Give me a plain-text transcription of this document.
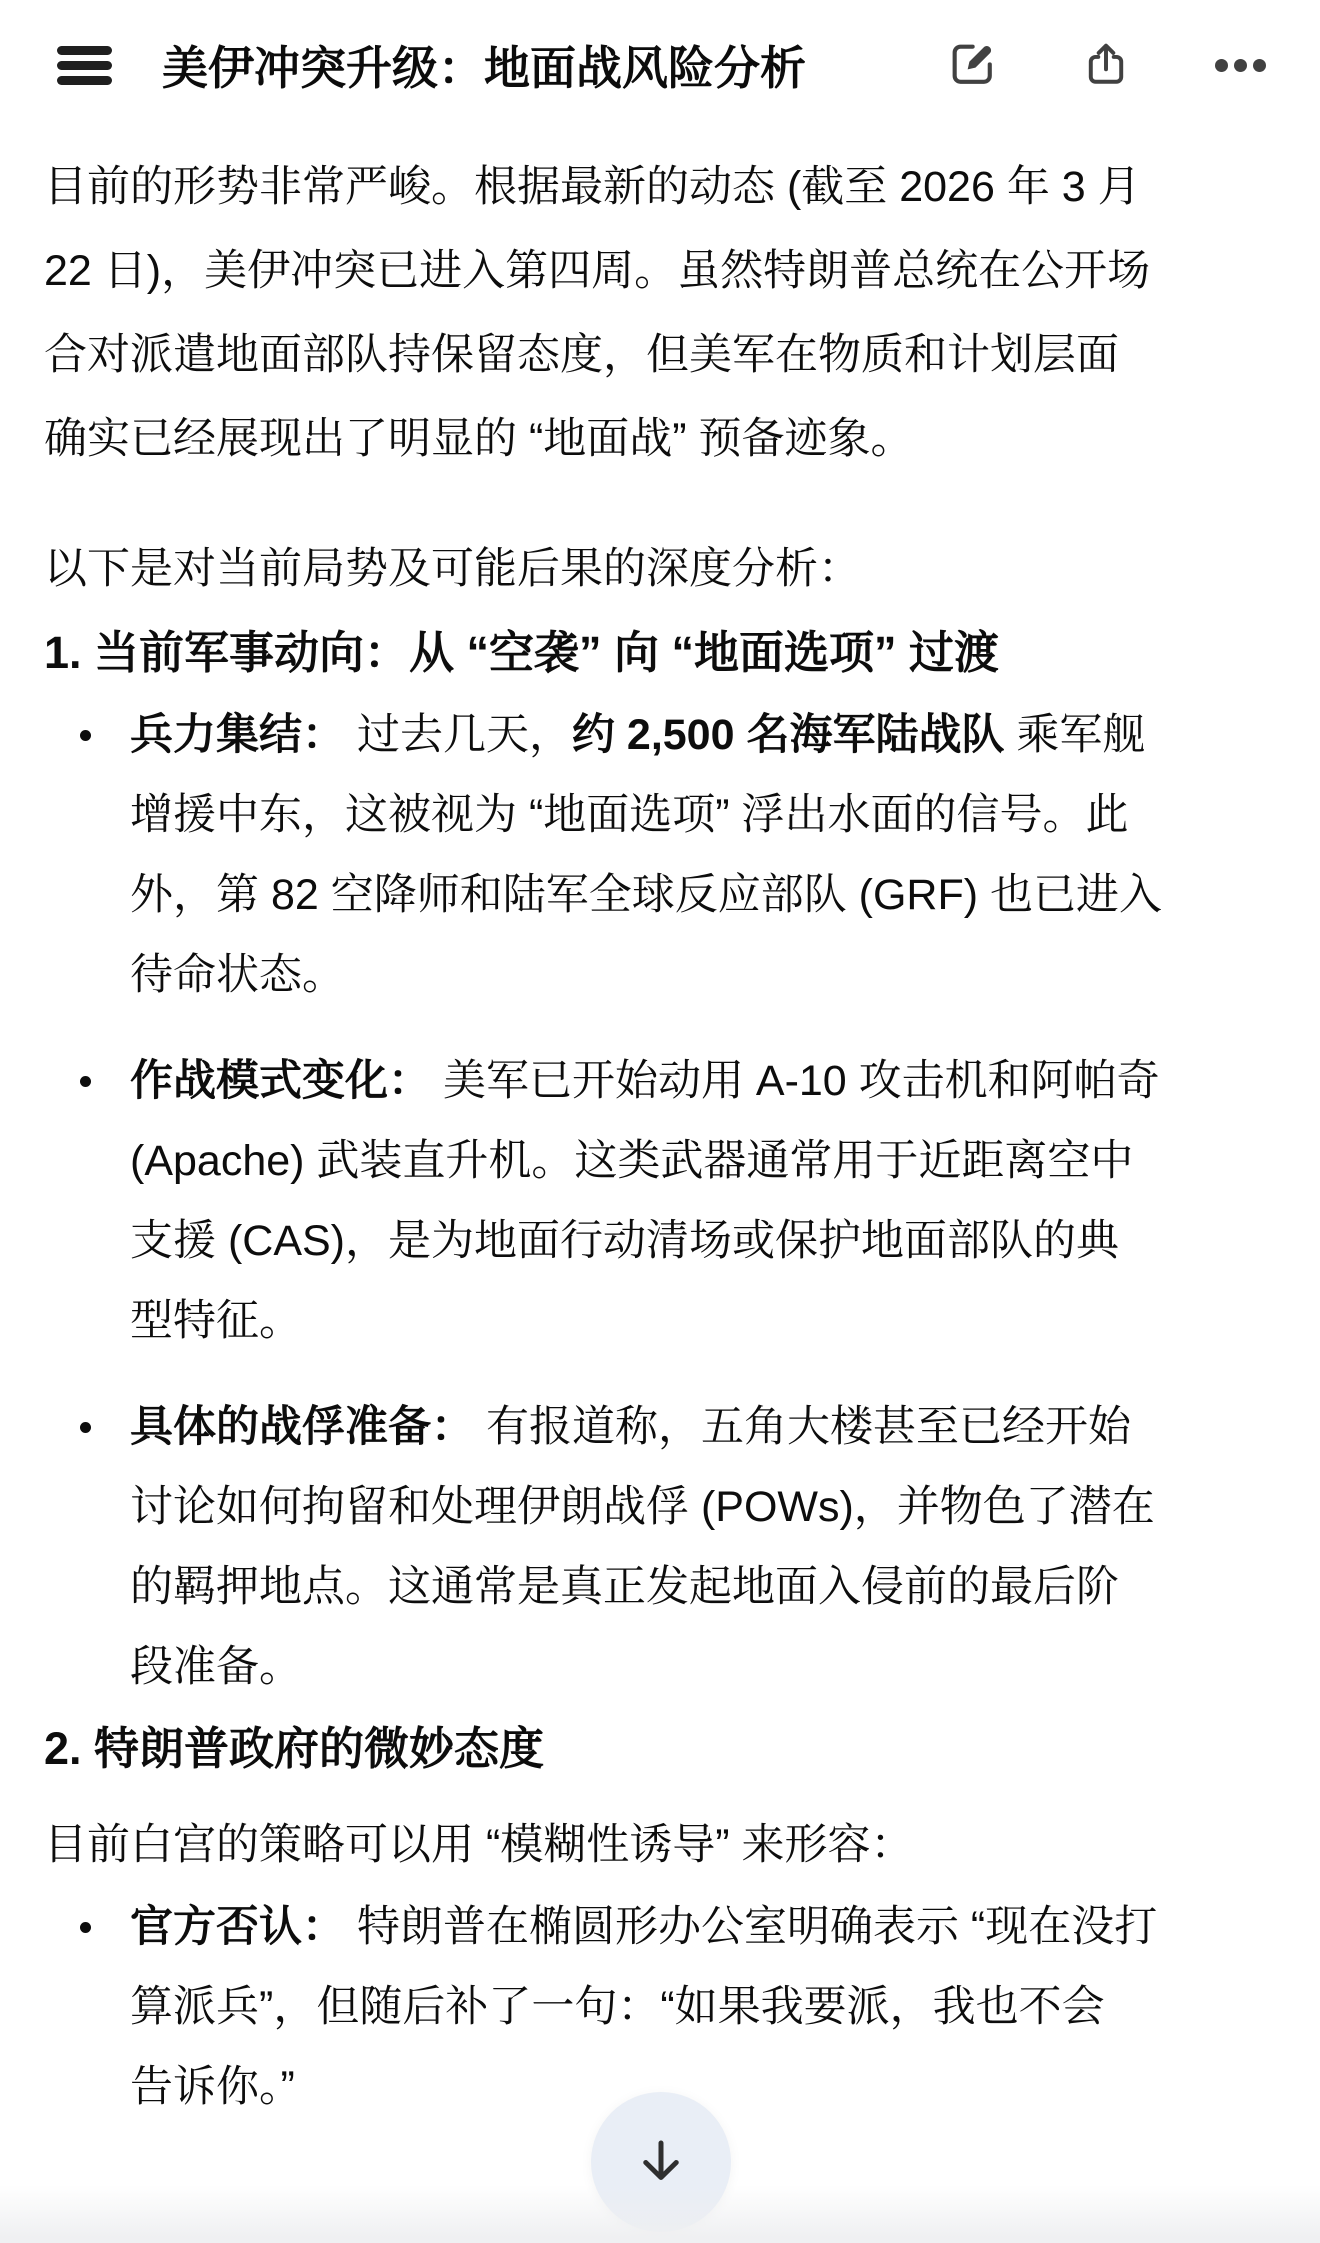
美伊冲突升级：地面战风险分析
目前的形势非常严峻。根据最新的动态 (截至 2026 年 3 月
22 日)，美伊冲突已进入第四周。虽然特朗普总统在公开场
合对派遣地面部队持保留态度，但美军在物质和计划层面
确实已经展现出了明显的 “地面战” 预备迹象。
以下是对当前局势及可能后果的深度分析：
1. 当前军事动向：从 “空袭” 向 “地面选项” 过渡
兵力集结： 过去几天，约 2,500 名海军陆战队 乘军舰
增援中东，这被视为 “地面选项” 浮出水面的信号。此
外，第 82 空降师和陆军全球反应部队 (GRF) 也已进入
待命状态。
作战模式变化： 美军已开始动用 A-10 攻击机和阿帕奇
(Apache) 武装直升机。这类武器通常用于近距离空中
支援 (CAS)，是为地面行动清场或保护地面部队的典
型特征。
具体的战俘准备： 有报道称，五角大楼甚至已经开始
讨论如何拘留和处理伊朗战俘 (POWs)，并物色了潜在
的羁押地点。这通常是真正发起地面入侵前的最后阶
段准备。
2. 特朗普政府的微妙态度
目前白宫的策略可以用 “模糊性诱导” 来形容：
官方否认： 特朗普在椭圆形办公室明确表示 “现在没打
算派兵”，但随后补了一句：“如果我要派，我也不会
告诉你。”
